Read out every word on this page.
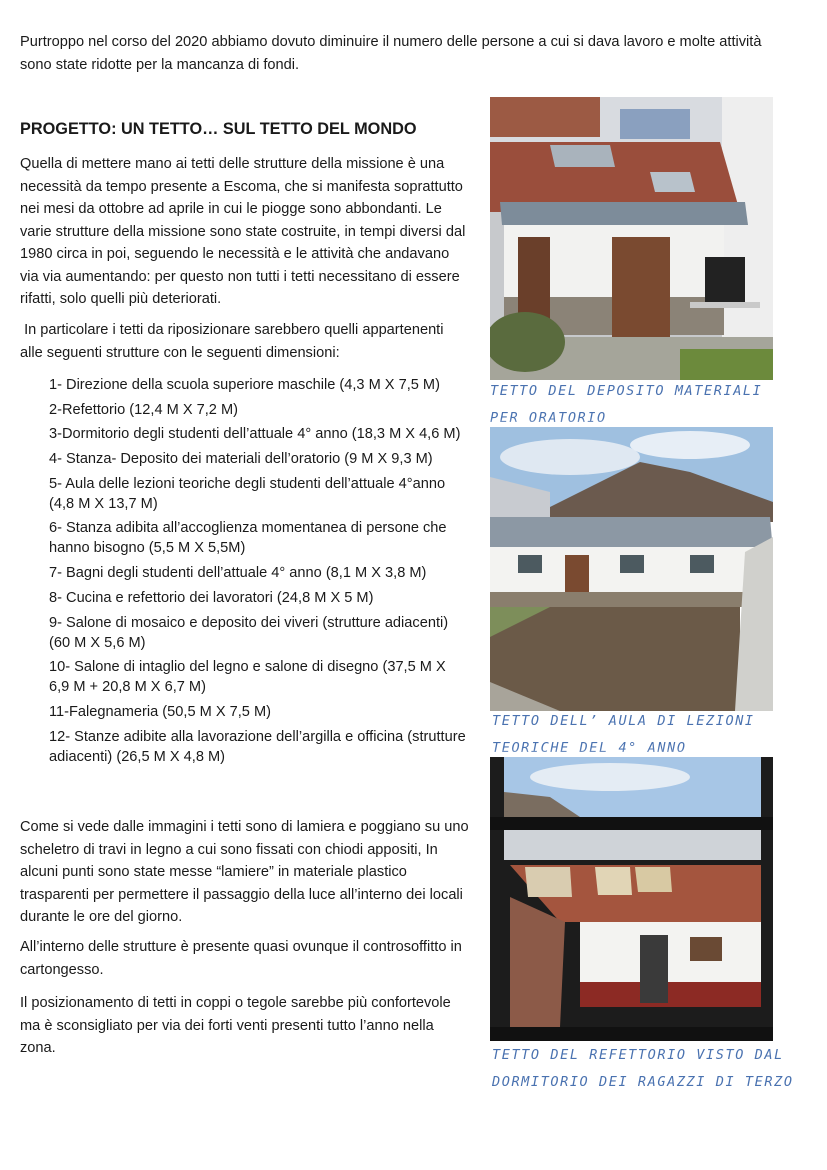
Purtroppo nel corso del 2020 abbiamo dovuto diminuire il numero delle persone a cui si dava lavoro e molte attività sono state ridotte per la mancanza di fondi.

PROGETTO: UN TETTO… SUL TETTO DEL MONDO

Quella di mettere mano ai tetti delle strutture della missione è una necessità da tempo presente a Escoma, che si manifesta soprattutto nei mesi da ottobre ad aprile in cui le piogge sono abbondanti. Le varie strutture della missione sono state costruite, in tempi diversi dal 1980 circa in poi, seguendo le necessità e le attività che andavano via via aumentando: per questo non tutti i tetti necessitano di essere rifatti, solo quelli più deteriorati.

In particolare i tetti da riposizionare sarebbero quelli appartenenti alle seguenti strutture con le seguenti dimensioni:

1- Direzione della scuola superiore maschile (4,3 M X 7,5 M)
2-Refettorio (12,4 M X 7,2 M)
3-Dormitorio degli studenti dell’attuale 4° anno (18,3 M X 4,6 M)
4- Stanza- Deposito dei materiali dell’oratorio (9 M X 9,3 M)
5- Aula delle lezioni teoriche degli studenti dell’attuale 4°anno (4,8 M X 13,7 M)
6- Stanza adibita all’accoglienza momentanea di persone che hanno bisogno (5,5 M X 5,5M)
7- Bagni degli studenti dell’attuale 4° anno (8,1 M X 3,8 M)
8- Cucina e refettorio dei lavoratori (24,8 M X 5 M)
9- Salone di mosaico e deposito dei viveri (strutture adiacenti) (60 M X 5,6 M)
10- Salone di intaglio del legno e salone di disegno (37,5 M X 6,9 M + 20,8 M X 6,7 M)
11-Falegnameria (50,5 M X 7,5 M)
12- Stanze adibite alla lavorazione dell’argilla e officina (strutture adiacenti) (26,5 M X 4,8 M)

Come si vede dalle immagini i tetti sono di lamiera e poggiano su uno scheletro di travi in legno a cui sono fissati con chiodi appositi, In alcuni punti sono state messe “lamiere” in materiale plastico trasparenti per permettere il passaggio della luce all’interno dei locali durante le ore del giorno.

All’interno delle strutture è presente quasi ovunque il controsoffitto in cartongesso.

Il posizionamento di tetti in coppi o tegole sarebbe più confortevole ma è sconsigliato per via dei forti venti presenti tutto l’anno nella zona.

TETTO DEL DEPOSITO MATERIALI PER ORATORIO

TETTO DELL’ AULA DI LEZIONI TEORICHE DEL 4° ANNO

TETTO DEL REFETTORIO VISTO DAL DORMITORIO DEI RAGAZZI DI TERZO
